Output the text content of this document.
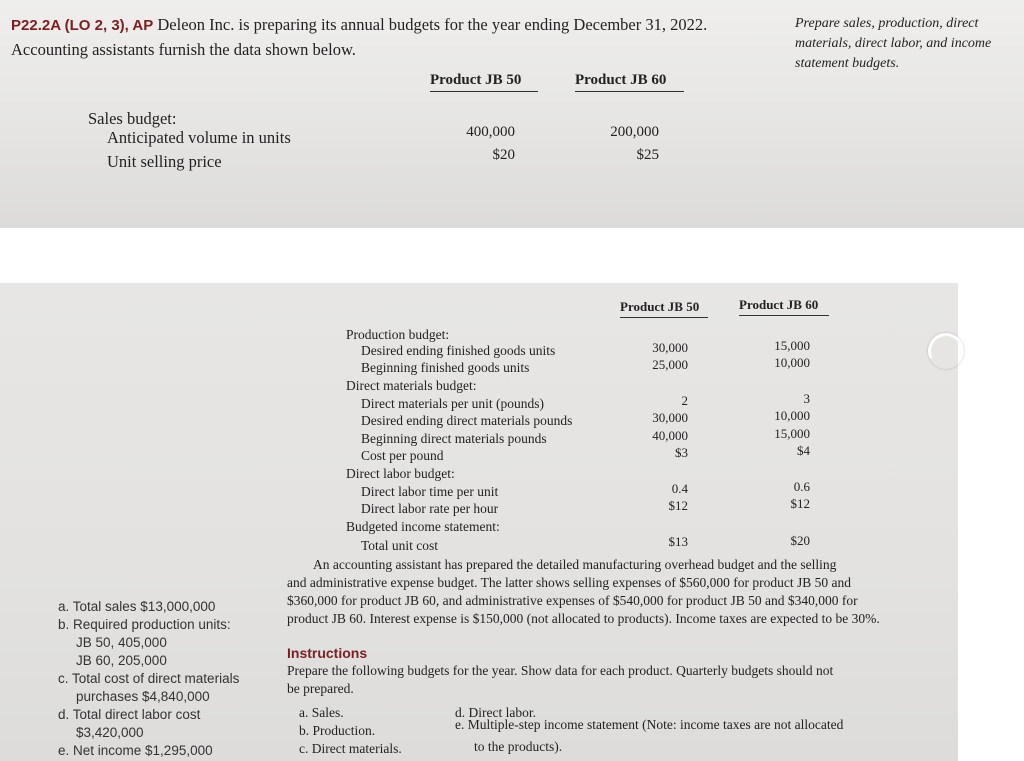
P22.2A (LO 2, 3), AP Deleon Inc. is preparing its annual budgets for the year ending December 31, 2022.
Accounting assistants furnish the data shown below.
Prepare sales, production, direct
materials, direct labor, and income
statement budgets.
Product JB 50	Product JB 60
Sales budget:
Anticipated volume in units	400,000	200,000
Unit selling price	$20	$25
Product JB 50	Product JB 60
Production budget:
Desired ending finished goods units	30,000	15,000
Beginning finished goods units	25,000	10,000
Direct materials budget:
Direct materials per unit (pounds)	2	3
Desired ending direct materials pounds	30,000	10,000
Beginning direct materials pounds	40,000	15,000
Cost per pound	$3	$4
Direct labor budget:
Direct labor time per unit	0.4	0.6
Direct labor rate per hour	$12	$12
Budgeted income statement:
Total unit cost	$13	$20
An accounting assistant has prepared the detailed manufacturing overhead budget and the selling
and administrative expense budget. The latter shows selling expenses of $560,000 for product JB 50 and
$360,000 for product JB 60, and administrative expenses of $540,000 for product JB 50 and $340,000 for
product JB 60. Interest expense is $150,000 (not allocated to products). Income taxes are expected to be 30%.
Instructions
Prepare the following budgets for the year. Show data for each product. Quarterly budgets should not
be prepared.
a. Sales.
b. Production.
c. Direct materials.
d. Direct labor.
e. Multiple-step income statement (Note: income taxes are not allocated
to the products).
a. Total sales $13,000,000
b. Required production units:
JB 50, 405,000
JB 60, 205,000
c. Total cost of direct materials
purchases $4,840,000
d. Total direct labor cost
$3,420,000
e. Net income $1,295,000
